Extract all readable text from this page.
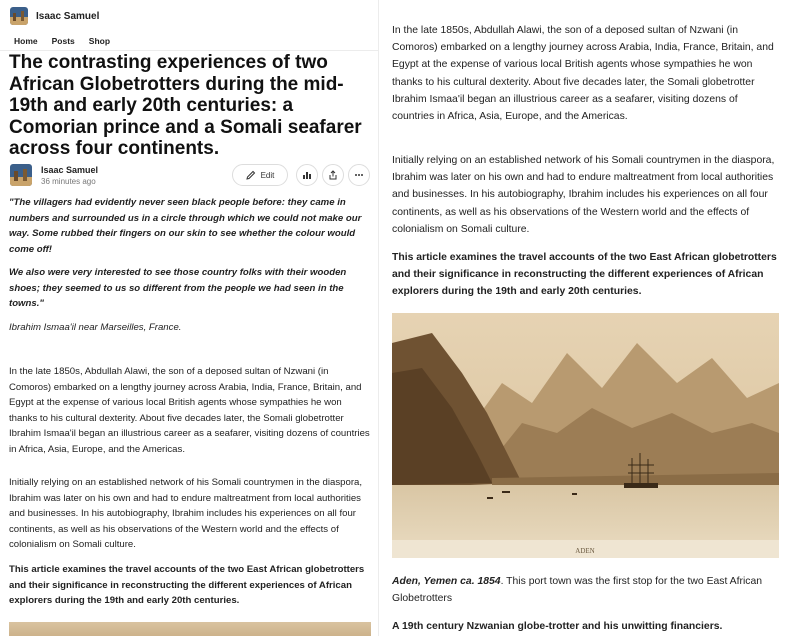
Isaac Samuel
Home Posts Shop
The contrasting experiences of two African Globetrotters during the mid-19th and early 20th centuries: a Comorian prince and a Somali seafarer across four continents.
Isaac Samuel
36 minutes ago
Edit

"The villagers had evidently never seen black people before: they came in numbers and surrounded us in a circle through which we could not make our way. Some rubbed their fingers on our skin to see whether the colour would come off!

We also were very interested to see those country folks with their wooden shoes; they seemed to us so different from the people we had seen in the towns."

Ibrahim Ismaa'il near Marseilles, France.

In the late 1850s, Abdullah Alawi, the son of a deposed sultan of Nzwani (in Comoros) embarked on a lengthy journey across Arabia, India, France, Britain, and Egypt at the expense of various local British agents whose sympathies he won thanks to his cultural dexterity. About five decades later, the Somali globetrotter Ibrahim Ismaa'il began an illustrious career as a seafarer, visiting dozens of countries in Africa, Asia, Europe, and the Americas.

Initially relying on an established network of his Somali countrymen in the diaspora, Ibrahim was later on his own and had to endure maltreatment from local authorities and businesses. In his autobiography, Ibrahim includes his experiences on all four continents, as well as his observations of the Western world and the effects of colonialism on Somali culture.

This article examines the travel accounts of the two East African globetrotters and their significance in reconstructing the different experiences of African explorers during the 19th and early 20th centuries.

In the late 1850s, Abdullah Alawi, the son of a deposed sultan of Nzwani (in Comoros) embarked on a lengthy journey across Arabia, India, France, Britain, and Egypt at the expense of various local British agents whose sympathies he won thanks to his cultural dexterity. About five decades later, the Somali globetrotter Ibrahim Ismaa'il began an illustrious career as a seafarer, visiting dozens of countries in Africa, Asia, Europe, and the Americas.

Initially relying on an established network of his Somali countrymen in the diaspora, Ibrahim was later on his own and had to endure maltreatment from local authorities and businesses. In his autobiography, Ibrahim includes his experiences on all four continents, as well as his observations of the Western world and the effects of colonialism on Somali culture.

This article examines the travel accounts of the two East African globetrotters and their significance in reconstructing the different experiences of African explorers during the 19th and early 20th centuries.

ADEN

Aden, Yemen ca. 1854. This port town was the first stop for the two East African Globetrotters

A 19th century Nzwanian globe-trotter and his unwitting financiers.
